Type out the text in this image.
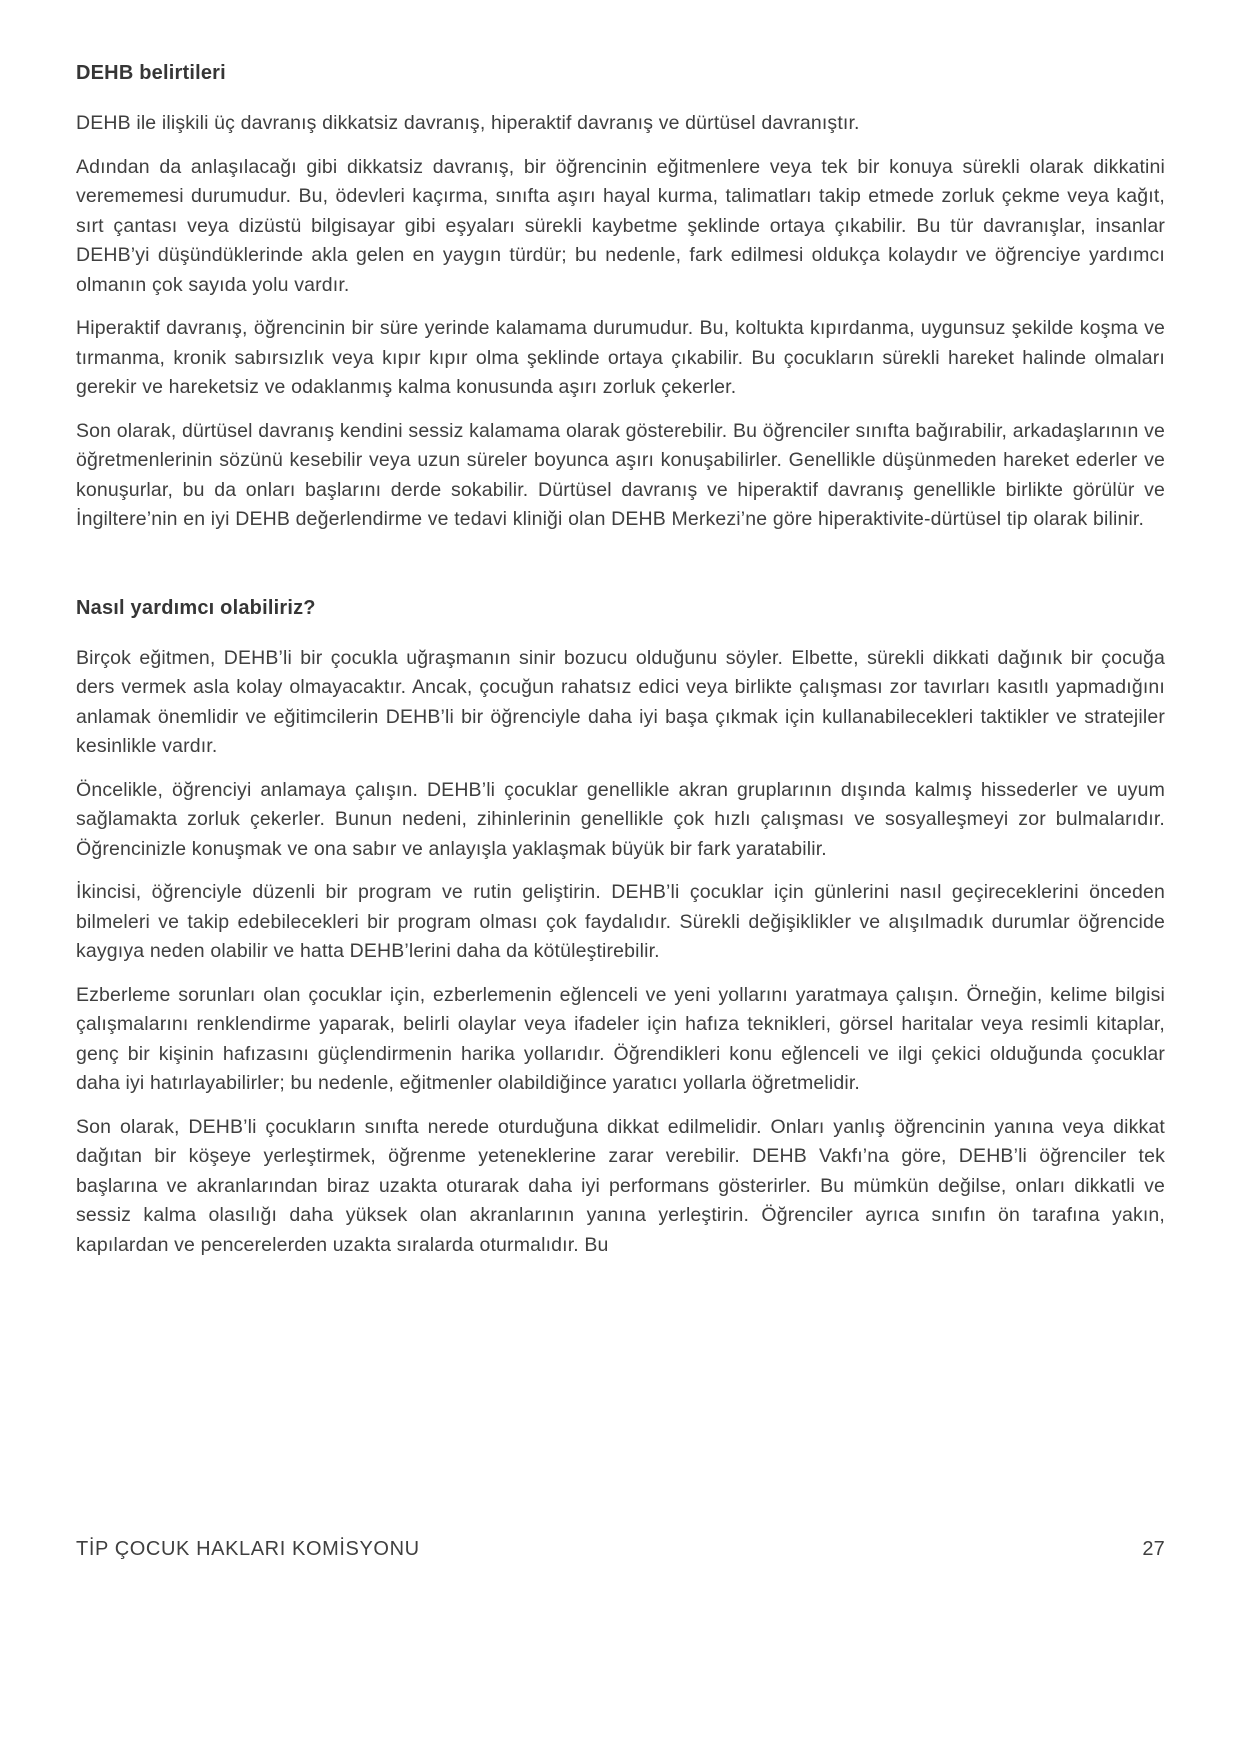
DEHB belirtileri

DEHB ile ilişkili üç davranış dikkatsiz davranış, hiperaktif davranış ve dürtüsel davranıştır.

Adından da anlaşılacağı gibi dikkatsiz davranış, bir öğrencinin eğitmenlere veya tek bir konuya sürekli olarak dikkatini verememesi durumudur. Bu, ödevleri kaçırma, sınıfta aşırı hayal kurma, talimatları takip etmede zorluk çekme veya kağıt, sırt çantası veya dizüstü bilgisayar gibi eşyaları sürekli kaybetme şeklinde ortaya çıkabilir. Bu tür davranışlar, insanlar DEHB’yi düşündüklerinde akla gelen en yaygın türdür; bu nedenle, fark edilmesi oldukça kolaydır ve öğrenciye yardımcı olmanın çok sayıda yolu vardır.

Hiperaktif davranış, öğrencinin bir süre yerinde kalamama durumudur. Bu, koltukta kıpırdanma, uygunsuz şekilde koşma ve tırmanma, kronik sabırsızlık veya kıpır kıpır olma şeklinde ortaya çıkabilir. Bu çocukların sürekli hareket halinde olmaları gerekir ve hareketsiz ve odaklanmış kalma konusunda aşırı zorluk çekerler.

Son olarak, dürtüsel davranış kendini sessiz kalamama olarak gösterebilir. Bu öğrenciler sınıfta bağırabilir, arkadaşlarının ve öğretmenlerinin sözünü kesebilir veya uzun süreler boyunca aşırı konuşabilirler. Genellikle düşünmeden hareket ederler ve konuşurlar, bu da onları başlarını derde sokabilir. Dürtüsel davranış ve hiperaktif davranış genellikle birlikte görülür ve İngiltere’nin en iyi DEHB değerlendirme ve tedavi kliniği olan DEHB Merkezi’ne göre hiperaktivite-dürtüsel tip olarak bilinir.

Nasıl yardımcı olabiliriz?

Birçok eğitmen, DEHB’li bir çocukla uğraşmanın sinir bozucu olduğunu söyler. Elbette, sürekli dikkati dağınık bir çocuğa ders vermek asla kolay olmayacaktır. Ancak, çocuğun rahatsız edici veya birlikte çalışması zor tavırları kasıtlı yapmadığını anlamak önemlidir ve eğitimcilerin DEHB’li bir öğrenciyle daha iyi başa çıkmak için kullanabilecekleri taktikler ve stratejiler kesinlikle vardır.

Öncelikle, öğrenciyi anlamaya çalışın. DEHB’li çocuklar genellikle akran gruplarının dışında kalmış hissederler ve uyum sağlamakta zorluk çekerler. Bunun nedeni, zihinlerinin genellikle çok hızlı çalışması ve sosyalleşmeyi zor bulmalarıdır. Öğrencinizle konuşmak ve ona sabır ve anlayışla yaklaşmak büyük bir fark yaratabilir.

İkincisi, öğrenciyle düzenli bir program ve rutin geliştirin. DEHB’li çocuklar için günlerini nasıl geçireceklerini önceden bilmeleri ve takip edebilecekleri bir program olması çok faydalıdır. Sürekli değişiklikler ve alışılmadık durumlar öğrencide kaygıya neden olabilir ve hatta DEHB’lerini daha da kötüleştirebilir.

Ezberleme sorunları olan çocuklar için, ezberlemenin eğlenceli ve yeni yollarını yaratmaya çalışın. Örneğin, kelime bilgisi çalışmalarını renklendirme yaparak, belirli olaylar veya ifadeler için hafıza teknikleri, görsel haritalar veya resimli kitaplar, genç bir kişinin hafızasını güçlendirmenin harika yollarıdır. Öğrendikleri konu eğlenceli ve ilgi çekici olduğunda çocuklar daha iyi hatırlayabilirler; bu nedenle, eğitmenler olabildiğince yaratıcı yollarla öğretmelidir.

Son olarak, DEHB’li çocukların sınıfta nerede oturduğuna dikkat edilmelidir. Onları yanlış öğrencinin yanına veya dikkat dağıtan bir köşeye yerleştirmek, öğrenme yeteneklerine zarar verebilir. DEHB Vakfı’na göre, DEHB’li öğrenciler tek başlarına ve akranlarından biraz uzakta oturarak daha iyi performans gösterirler. Bu mümkün değilse, onları dikkatli ve sessiz kalma olasılığı daha yüksek olan akranlarının yanına yerleştirin. Öğrenciler ayrıca sınıfın ön tarafına yakın, kapılardan ve pencerelerden uzakta sıralarda oturmalıdır. Bu

TİP ÇOCUK HAKLARI KOMİSYONU	27
